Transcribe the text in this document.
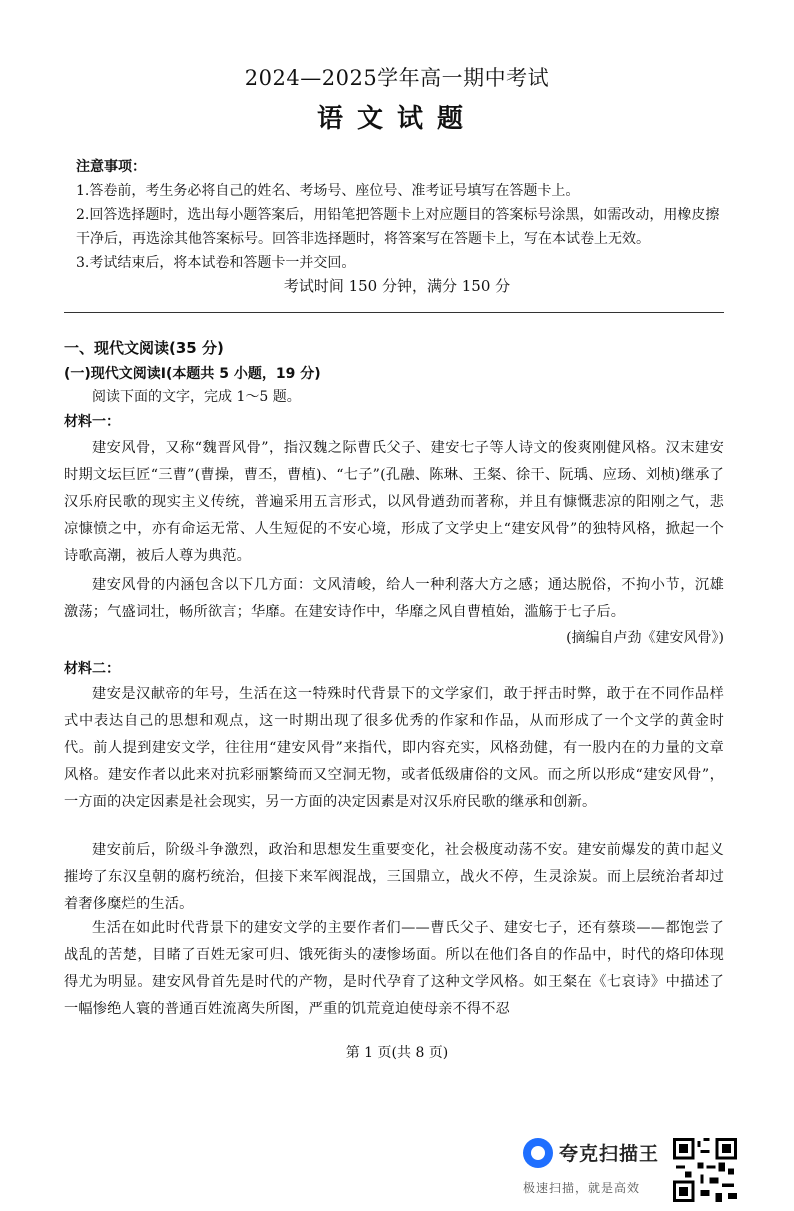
2024—2025学年高一期中考试
语文试题
注意事项：
1.答卷前，考生务必将自己的姓名、考场号、座位号、准考证号填写在答题卡上。
2.回答选择题时，选出每小题答案后，用铅笔把答题卡上对应题目的答案标号涂黑，如需改动，用橡皮擦干净后，再选涂其他答案标号。回答非选择题时，将答案写在答题卡上，写在本试卷上无效。
3.考试结束后，将本试卷和答题卡一并交回。
考试时间 150 分钟，满分 150 分
一、现代文阅读(35 分)
(一)现代文阅读Ⅰ(本题共 5 小题，19 分)
阅读下面的文字，完成 1～5 题。
材料一：
建安风骨，又称“魏晋风骨”，指汉魏之际曹氏父子、建安七子等人诗文的俊爽刚健风格。汉末建安时期文坛巨匠“三曹”(曹操，曹丕，曹植)、“七子”(孔融、陈琳、王粲、徐干、阮瑀、应玚、刘桢)继承了汉乐府民歌的现实主义传统，普遍采用五言形式，以风骨遒劲而著称，并且有慷慨悲凉的阳刚之气，悲凉慷愤之中，亦有命运无常、人生短促的不安心境，形成了文学史上“建安风骨”的独特风格，掀起一个诗歌高潮，被后人尊为典范。
建安风骨的内涵包含以下几方面：文风清峻，给人一种利落大方之感；通达脱俗，不拘小节，沉雄激荡；气盛词壮，畅所欲言；华靡。在建安诗作中，华靡之风自曹植始，滥觞于七子后。
(摘编自卢劲《建安风骨》)
材料二：
建安是汉献帝的年号，生活在这一特殊时代背景下的文学家们，敢于抨击时弊，敢于在不同作品样式中表达自己的思想和观点，这一时期出现了很多优秀的作家和作品，从而形成了一个文学的黄金时代。前人提到建安文学，往往用“建安风骨”来指代，即内容充实，风格劲健，有一股内在的力量的文章风格。建安作者以此来对抗彩丽繁绮而又空洞无物，或者低级庸俗的文风。而之所以形成“建安风骨”，一方面的决定因素是社会现实，另一方面的决定因素是对汉乐府民歌的继承和创新。
建安前后，阶级斗争激烈，政治和思想发生重要变化，社会极度动荡不安。建安前爆发的黄巾起义摧垮了东汉皇朝的腐朽统治，但接下来军阀混战，三国鼎立，战火不停，生灵涂炭。而上层统治者却过着奢侈糜烂的生活。
生活在如此时代背景下的建安文学的主要作者们——曹氏父子、建安七子，还有蔡琰——都饱尝了战乱的苦楚，目睹了百姓无家可归、饿死街头的凄惨场面。所以在他们各自的作品中，时代的烙印体现得尤为明显。建安风骨首先是时代的产物，是时代孕育了这种文学风格。如王粲在《七哀诗》中描述了一幅惨绝人寰的普通百姓流离失所图，严重的饥荒竟迫使母亲不得不忍
第 1 页(共 8 页)
夸克扫描王
极速扫描，就是高效
